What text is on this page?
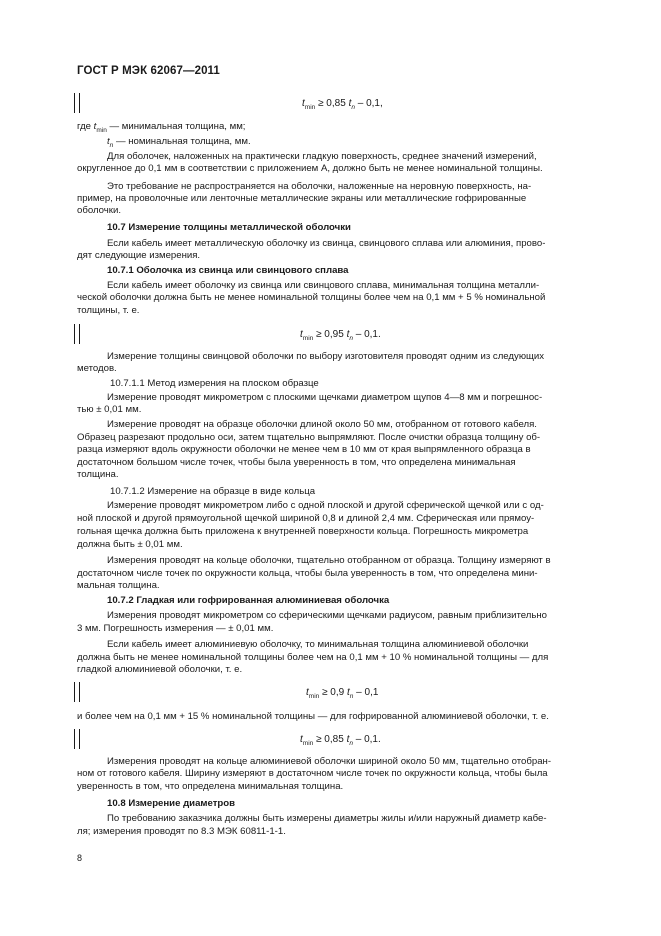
ГОСТ Р МЭК 62067—2011
$t_{min} \ge 0,85$ $t_n - 0,1$,
где $t_{min}$ — минимальная толщина, мм;
$t_n$ — номинальная толщина, мм.
Для оболочек, наложенных на практически гладкую поверхность, среднее значений измерений,
округленное до 0,1 мм в соответствии с приложением А, должно быть не менее номинальной толщины.
Это требование не распространяется на оболочки, наложенные на неровную поверхность, на-
пример, на проволочные или ленточные металлические экраны или металлические гофрированные
оболочки.
10.7 Измерение толщины металлической оболочки
Если кабель имеет металлическую оболочку из свинца, свинцового сплава или алюминия, прово-
дят следующие измерения.
10.7.1 Оболочка из свинца или свинцового сплава
Если кабель имеет оболочку из свинца или свинцового сплава, минимальная толщина металли-
ческой оболочки должна быть не менее номинальной толщины более чем на 0,1 мм + 5 % номинальной
толщины, т. е.
$t_{min} \ge 0,95$ $t_n - 0,1$.
Измерение толщины свинцовой оболочки по выбору изготовителя проводят одним из следующих
методов.
10.7.1.1 Метод измерения на плоском образце
Измерение проводят микрометром с плоскими щечками диаметром щупов 4—8 мм и погрешнос-
тью ± 0,01 мм.
Измерение проводят на образце оболочки длиной около 50 мм, отобранном от готового кабеля.
Образец разрезают продольно оси, затем тщательно выпрямляют. После очистки образца толщину об-
разца измеряют вдоль окружности оболочки не менее чем в 10 мм от края выпрямленного образца в
достаточном большом числе точек, чтобы была уверенность в том, что определена минимальная
толщина.
10.7.1.2 Измерение на образце в виде кольца
Измерение проводят микрометром либо с одной плоской и другой сферической щечкой или с од-
ной плоской и другой прямоугольной щечкой шириной 0,8 и длиной 2,4 мм. Сферическая или прямоу-
гольная щечка должна быть приложена к внутренней поверхности кольца. Погрешность микрометра
должна быть ± 0,01 мм.
Измерения проводят на кольце оболочки, тщательно отобранном от образца. Толщину измеряют в
достаточном числе точек по окружности кольца, чтобы была уверенность в том, что определена мини-
мальная толщина.
10.7.2 Гладкая или гофрированная алюминиевая оболочка
Измерения проводят микрометром со сферическими щечками радиусом, равным приблизительно
3 мм. Погрешность измерения — ± 0,01 мм.
Если кабель имеет алюминиевую оболочку, то минимальная толщина алюминиевой оболочки
должна быть не менее номинальной толщины более чем на 0,1 мм + 10 % номинальной толщины — для
гладкой алюминиевой оболочки, т. е.
$t_{min} \ge 0,9$ $t_n - 0,1$
и более чем на 0,1 мм + 15 % номинальной толщины — для гофрированной алюминиевой оболочки, т. е.
$t_{min} \ge 0,85$ $t_n - 0,1$.
Измерения проводят на кольце алюминиевой оболочки шириной около 50 мм, тщательно отобран-
ном от готового кабеля. Ширину измеряют в достаточном числе точек по окружности кольца, чтобы была
уверенность в том, что определена минимальная толщина.
10.8 Измерение диаметров
По требованию заказчика должны быть измерены диаметры жилы и/или наружный диаметр кабе-
ля; измерения проводят по 8.3 МЭК 60811-1-1.
8
